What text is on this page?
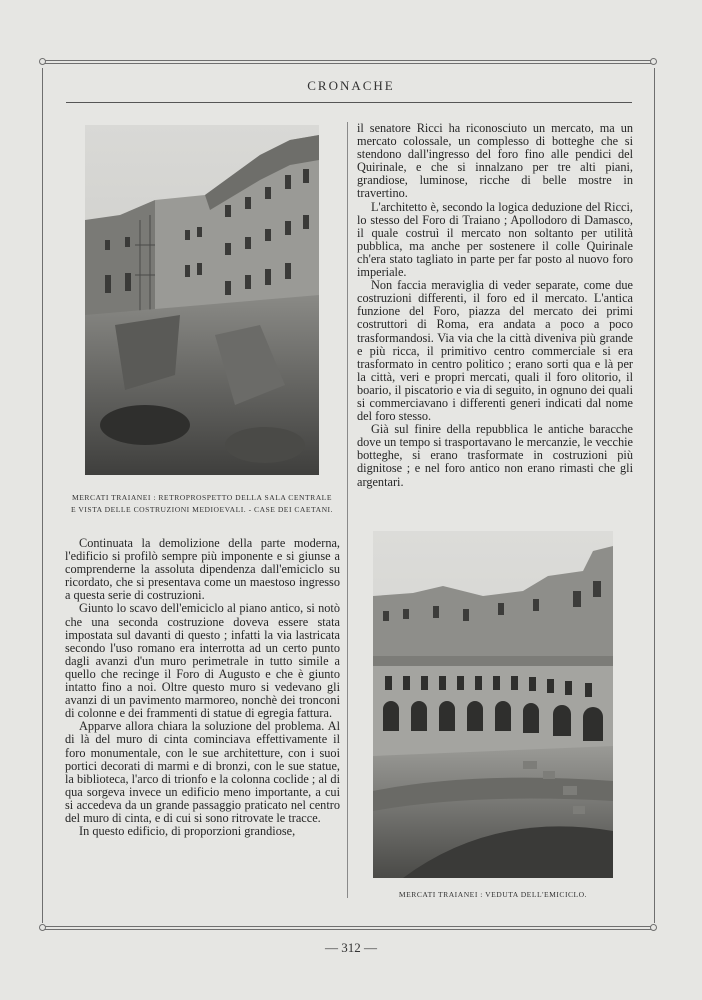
CRONACHE
MERCATI TRAIANEI : RETROPROSPETTO DELLA SALA CENTRALE
E VISTA DELLE COSTRUZIONI MEDIOEVALI. - CASE DEI CAETANI.

il senatore Ricci ha riconosciuto un mercato, ma un mercato colossale, un complesso di botteghe che si stendono dall'ingresso del foro fino alle pendici del Quirinale, e che si innalzano per tre alti piani, grandiose, luminose, ricche di belle mostre in travertino.

L'architetto è, secondo la logica deduzione del Ricci, lo stesso del Foro di Traiano ; Apollodoro di Damasco, il quale costruì il mercato non soltanto per utilità pubblica, ma anche per sostenere il colle Quirinale ch'era stato tagliato in parte per far posto al nuovo foro imperiale.

Non faccia meraviglia di veder separate, come due costruzioni differenti, il foro ed il mercato. L'antica funzione del Foro, piazza del mercato dei primi costruttori di Roma, era andata a poco a poco trasformandosi. Via via che la città diveniva più grande e più ricca, il primitivo centro commerciale si era trasformato in centro politico ; erano sorti qua e là per la città, veri e propri mercati, quali il foro olitorio, il boario, il piscatorio e via di seguito, in ognuno dei quali si commerciavano i differenti generi indicati dal nome del foro stesso.

Già sul finire della repubblica le antiche baracche dove un tempo si trasportavano le mercanzie, le vecchie botteghe, si erano trasformate in costruzioni più dignitose ; e nel foro antico non erano rimasti che gli argentari.

Continuata la demolizione della parte moderna, l'edificio si profilò sempre più imponente e si giunse a comprenderne la assoluta dipendenza dall'emiciclo su ricordato, che si presentava come un maestoso ingresso a questa serie di costruzioni.

Giunto lo scavo dell'emiciclo al piano antico, si notò che una seconda costruzione doveva essere stata impostata sul davanti di questo ; infatti la via lastricata secondo l'uso romano era interrotta ad un certo punto dagli avanzi d'un muro perimetrale in tutto simile a quello che recinge il Foro di Augusto e che è giunto intatto fino a noi. Oltre questo muro si vedevano gli avanzi di un pavimento marmoreo, nonchè dei tronconi di colonne e dei frammenti di statue di egregia fattura.

Apparve allora chiara la soluzione del problema. Al di là del muro di cinta cominciava effettivamente il foro monumentale, con le sue architetture, con i suoi portici decorati di marmi e di bronzi, con le sue statue, la biblioteca, l'arco di trionfo e la colonna coclide ; al di qua sorgeva invece un edificio meno importante, a cui si accedeva da un grande passaggio praticato nel centro del muro di cinta, e di cui si sono ritrovate le tracce.

In questo edificio, di proporzioni grandiose,

MERCATI TRAIANEI : VEDUTA DELL'EMICICLO.
— 312 —
